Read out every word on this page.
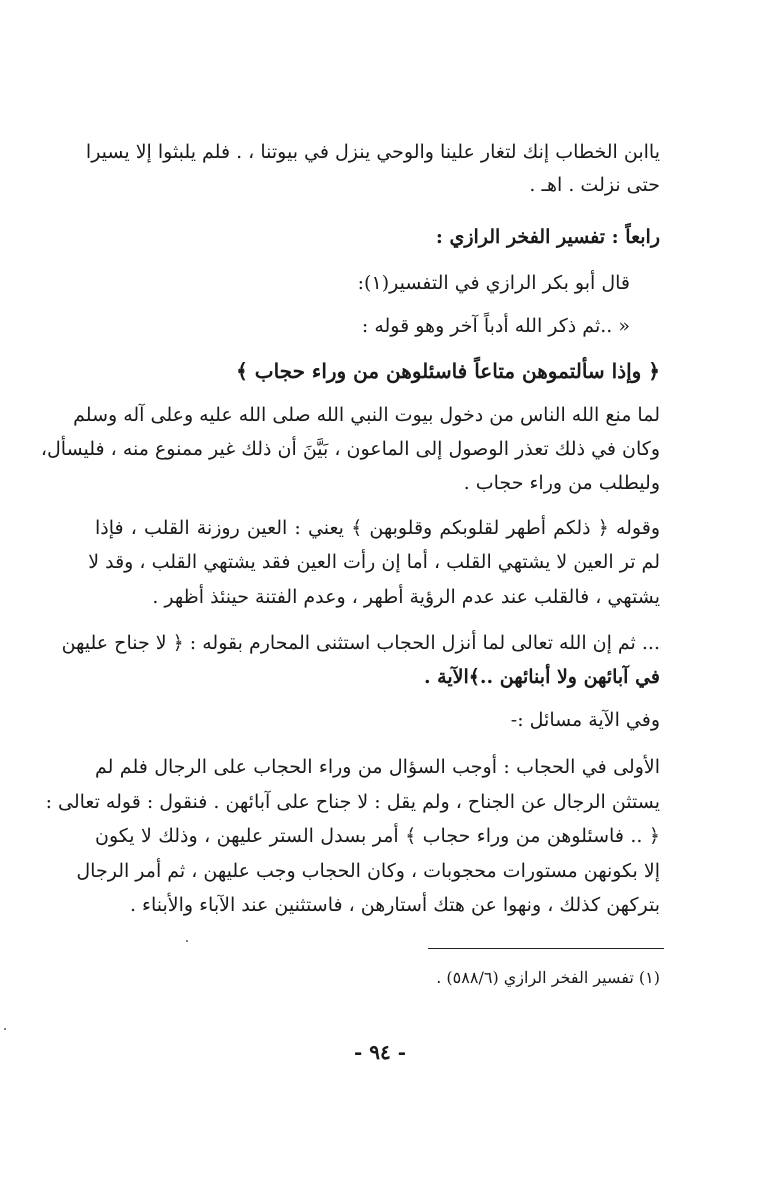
ياابن الخطاب إنك لتغار علينا والوحي ينزل في بيوتنا ، . فلم يلبثوا إلا يسيرا
حتى نزلت . اهـ .
رابعاً : تفسير الفخر الرازي :
قال أبو بكر الرازي في التفسير(١):
« ..ثم ذكر الله أدباً آخر وهو قوله :
﴿ وإذا سألتموهن متاعاً فاسئلوهن من وراء حجاب ﴾
لما منع الله الناس من دخول بيوت النبي الله صلى الله عليه وعلى آله وسلم
وكان في ذلك تعذر الوصول إلى الماعون ، بَيَّنَ أن ذلك غير ممنوع منه ، فليسأل،
وليطلب من وراء حجاب .
وقوله ﴿ ذلكم أطهر لقلوبكم وقلوبهن ﴾ يعني : العين روزنة القلب ، فإذا
لم تر العين لا يشتهي القلب ، أما إن رأت العين فقد يشتهي القلب ، وقد لا
يشتهي ، فالقلب عند عدم الرؤية أطهر ، وعدم الفتنة حينئذ أظهر .
... ثم إن الله تعالى لما أنزل الحجاب استثنى المحارم بقوله : ﴿ لا جناح عليهن
في آبائهن ولا أبنائهن ..﴾الآية .
وفي الآية مسائل :-
الأولى في الحجاب : أوجب السؤال من وراء الحجاب على الرجال فلم لم
يستثن الرجال عن الجناح ، ولم يقل : لا جناح على آبائهن . فنقول : قوله تعالى :
﴿ .. فاسئلوهن من وراء حجاب ﴾ أمر بسدل الستر عليهن ، وذلك لا يكون
إلا بكونهن مستورات محجوبات ، وكان الحجاب وجب عليهن ، ثم أمر الرجال
بتركهن كذلك ، ونهوا عن هتك أستارهن ، فاستثنين عند الآباء والأبناء .
(١) تفسير الفخر الرازي (٥٨٨/٦) .
- ٩٤ -
